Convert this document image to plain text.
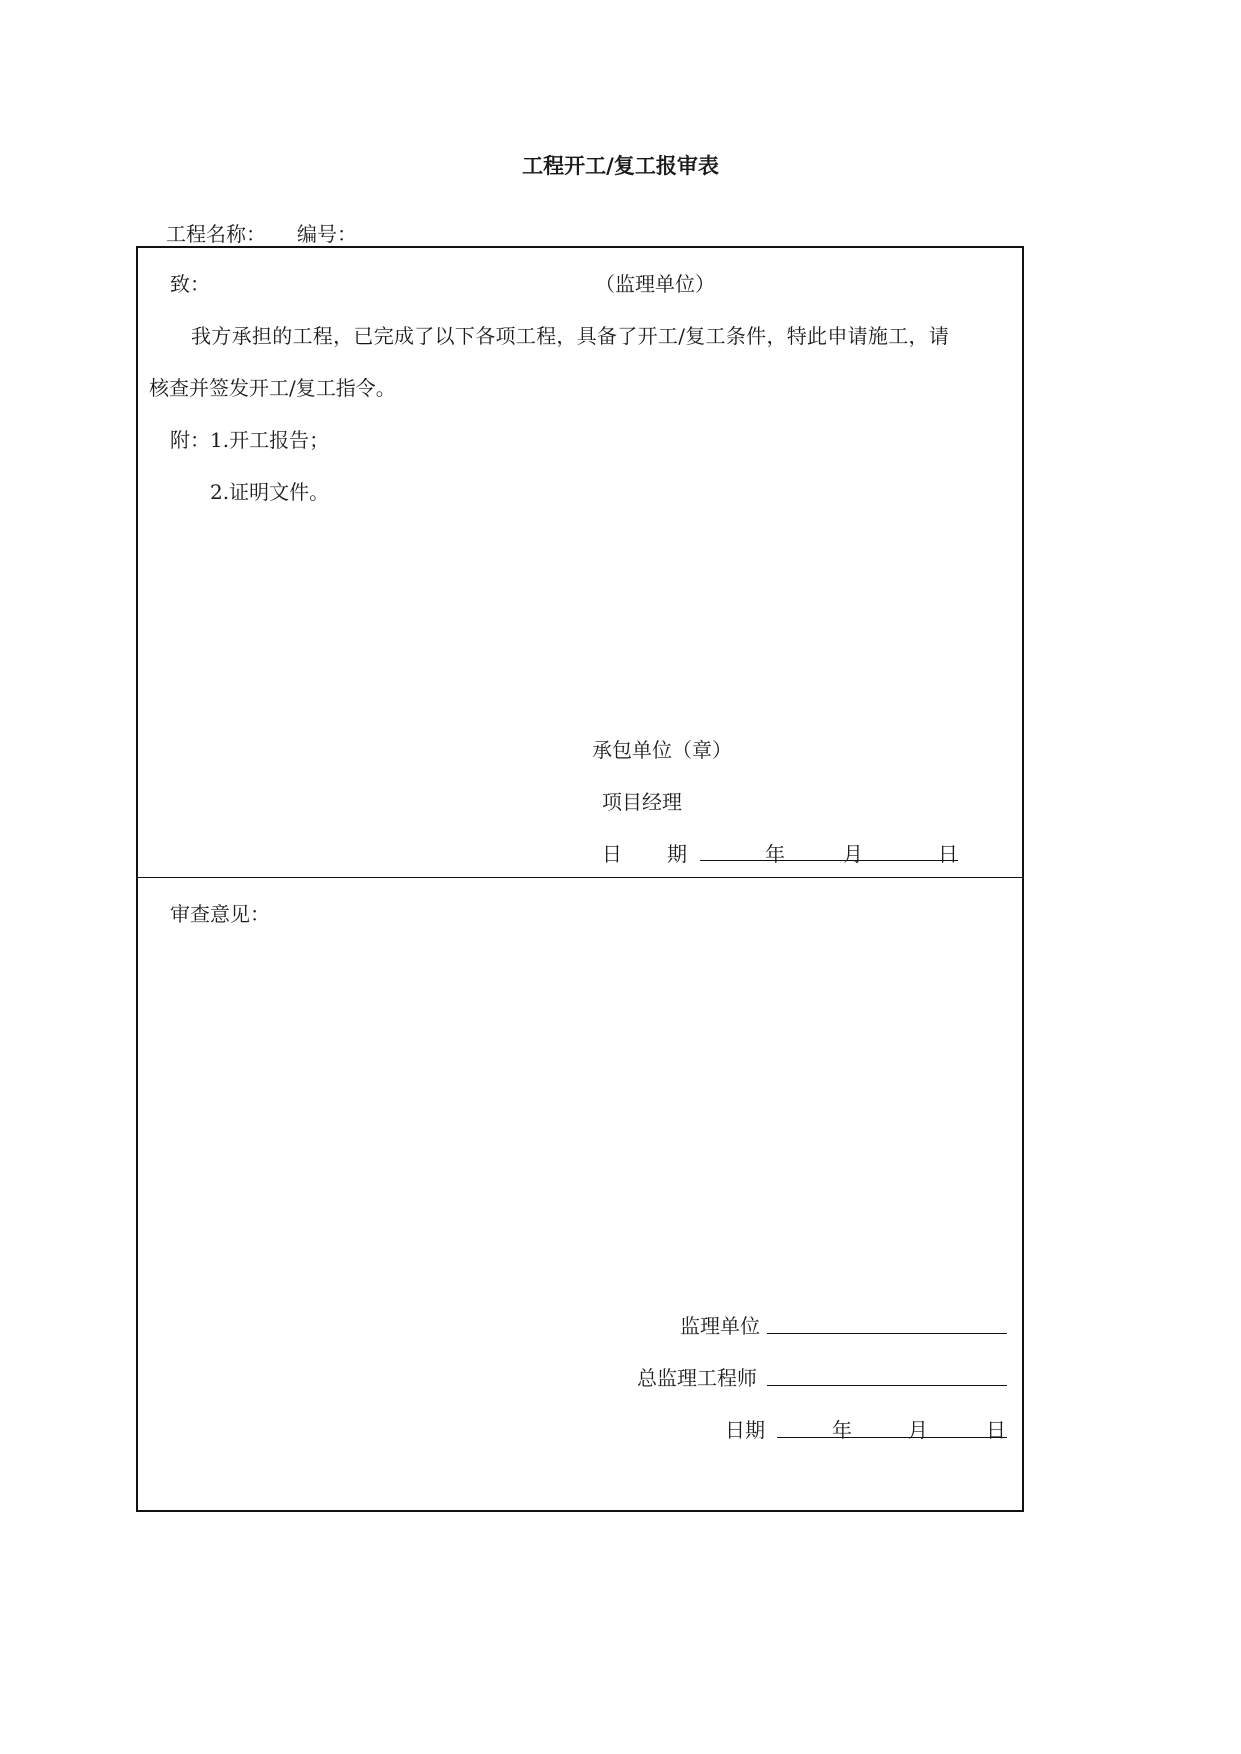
工程开工/复工报审表
工程名称： 编号：
致：	（监理单位）
我方承担的工程，已完成了以下各项工程，具备了开工/复工条件，特此申请施工，请
核查并签发开工/复工指令。
附：1.开工报告；
2.证明文件。
承包单位（章）
项目经理
日 期	年	月	日
审查意见：
监理单位
总监理工程师
日期	年	月	日
